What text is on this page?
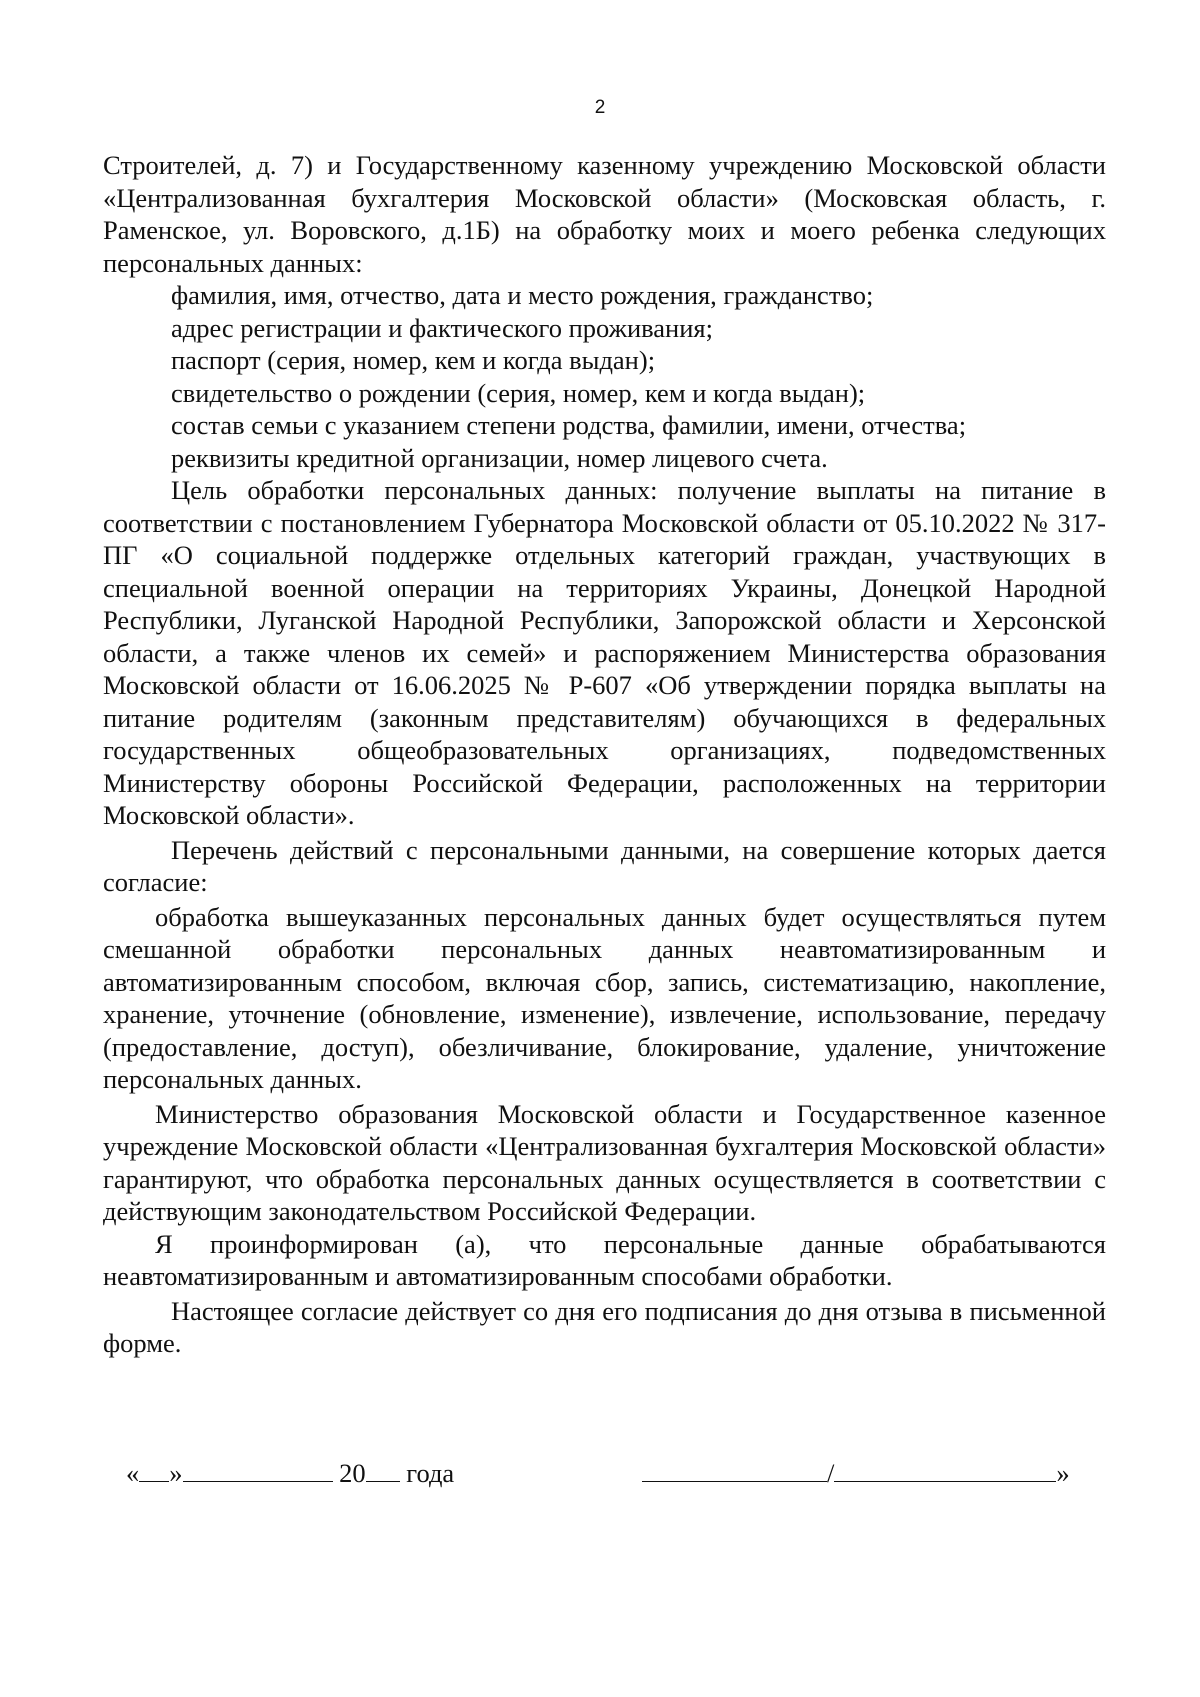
2

Строителей, д. 7) и Государственному казенному учреждению Московской области «Централизованная бухгалтерия Московской области» (Московская область, г. Раменское, ул. Воровского, д.1Б) на обработку моих и моего ребенка следующих персональных данных:

фамилия, имя, отчество, дата и место рождения, гражданство;

адрес регистрации и фактического проживания;

паспорт (серия, номер, кем и когда выдан);

свидетельство о рождении (серия, номер, кем и когда выдан);

состав семьи с указанием степени родства, фамилии, имени, отчества;

реквизиты кредитной организации, номер лицевого счета.

Цель обработки персональных данных: получение выплаты на питание в соответствии с постановлением Губернатора Московской области от 05.10.2022 № 317-ПГ «О социальной поддержке отдельных категорий граждан, участвующих в специальной военной операции на территориях Украины, Донецкой Народной Республики, Луганской Народной Республики, Запорожской области и Херсонской области, а также членов их семей» и распоряжением Министерства образования Московской области от 16.06.2025 № Р-607 «Об утверждении порядка выплаты на питание родителям (законным представителям) обучающихся в федеральных государственных общеобразовательных организациях, подведомственных Министерству обороны Российской Федерации, расположенных на территории Московской области».

Перечень действий с персональными данными, на совершение которых дается согласие:

обработка вышеуказанных персональных данных будет осуществляться путем смешанной обработки персональных данных неавтоматизированным и автоматизированным способом, включая сбор, запись, систематизацию, накопление, хранение, уточнение (обновление, изменение), извлечение, использование, передачу (предоставление, доступ), обезличивание, блокирование, удаление, уничтожение персональных данных.

Министерство образования Московской области и Государственное казенное учреждение Московской области «Централизованная бухгалтерия Московской области» гарантируют, что обработка персональных данных осуществляется в соответствии с действующим законодательством Российской Федерации.

Я проинформирован (а), что персональные данные обрабатываются неавтоматизированным и автоматизированным способами обработки.

Настоящее согласие действует со дня его подписания до дня отзыва в письменной форме.

« »	20 года	/	»
